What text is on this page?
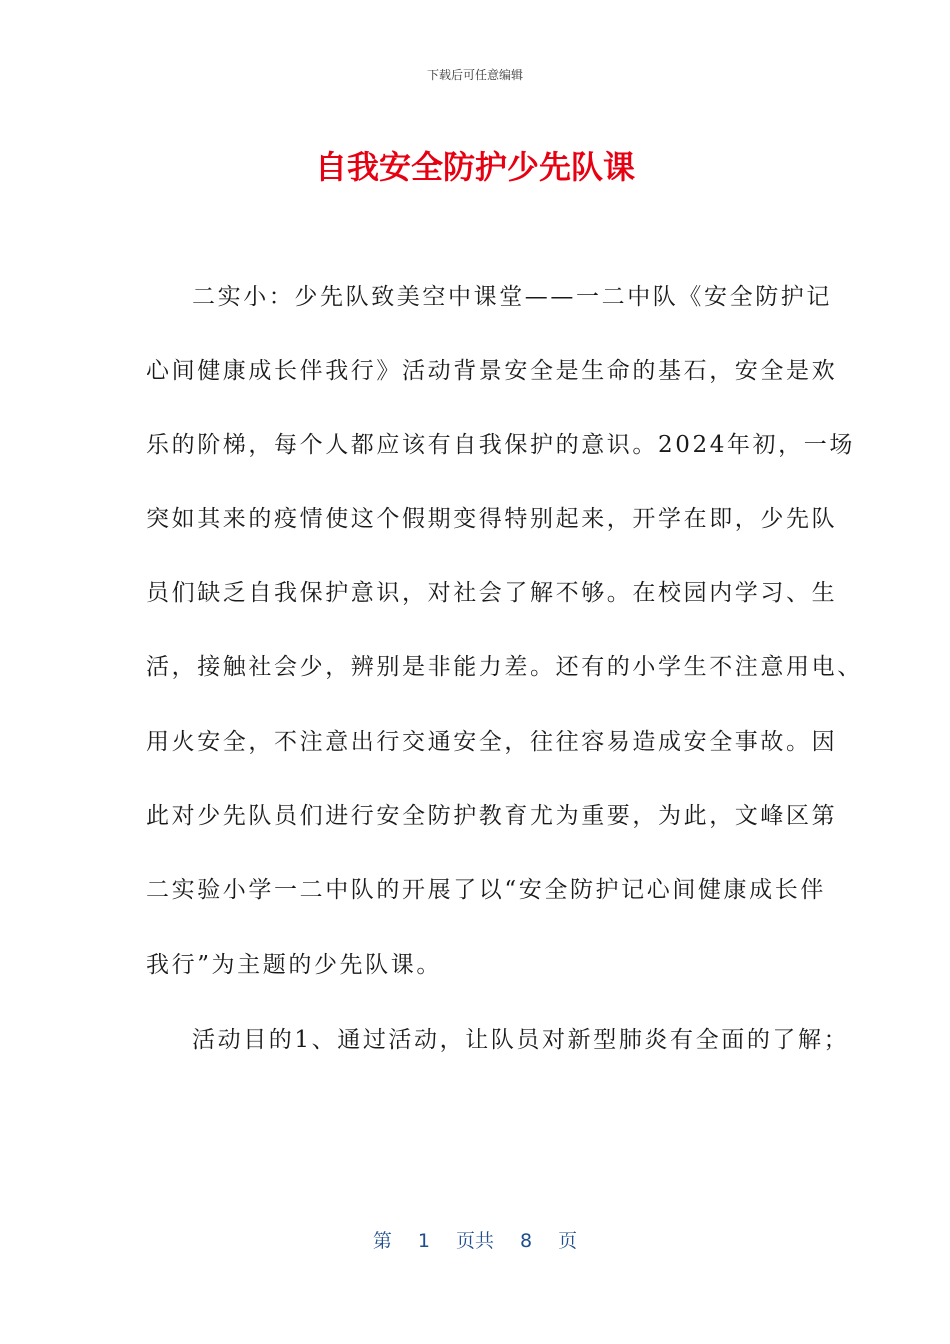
下载后可任意编辑
自我安全防护少先队课
二实小：少先队致美空中课堂——一二中队《安全防护记
心间健康成长伴我行》活动背景安全是生命的基石，安全是欢
乐的阶梯，每个人都应该有自我保护的意识。2024年初，一场
突如其来的疫情使这个假期变得特别起来，开学在即，少先队
员们缺乏自我保护意识，对社会了解不够。在校园内学习、生
活，接触社会少，辨别是非能力差。还有的小学生不注意用电、
用火安全，不注意出行交通安全，往往容易造成安全事故。因
此对少先队员们进行安全防护教育尤为重要，为此，文峰区第
二实验小学一二中队的开展了以“安全防护记心间健康成长伴
我行”为主题的少先队课。
活动目的1、通过活动，让队员对新型肺炎有全面的了解；
第 1 页共 8 页
